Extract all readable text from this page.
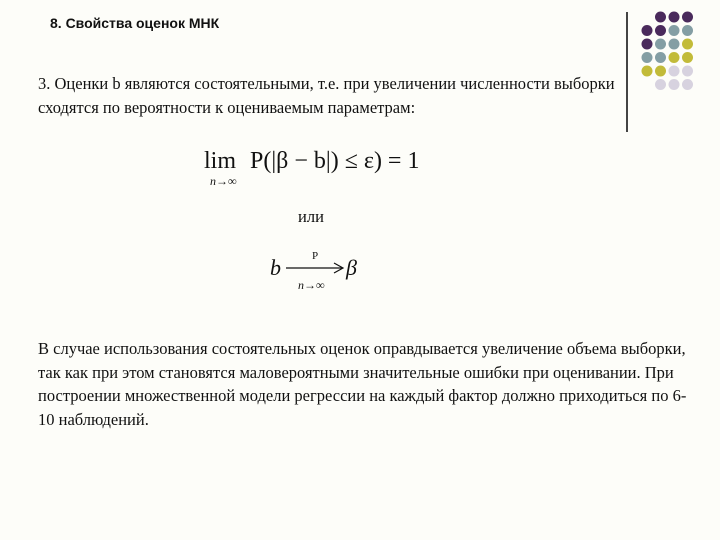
8. Свойства оценок МНК
3. Оценки b являются состоятельными, т.е. при увеличении численности выборки сходятся по вероятности к оцениваемым параметрам:
lim
n→∞
P(|β − b|) ≤ ε) = 1
или
b	P
n→∞
β
В случае использования состоятельных оценок оправдывается увеличение объема выборки, так как при этом становятся маловероятными значительные ошибки при оценивании. При построении множественной модели регрессии на каждый фактор должно приходиться по 6-10 наблюдений.
